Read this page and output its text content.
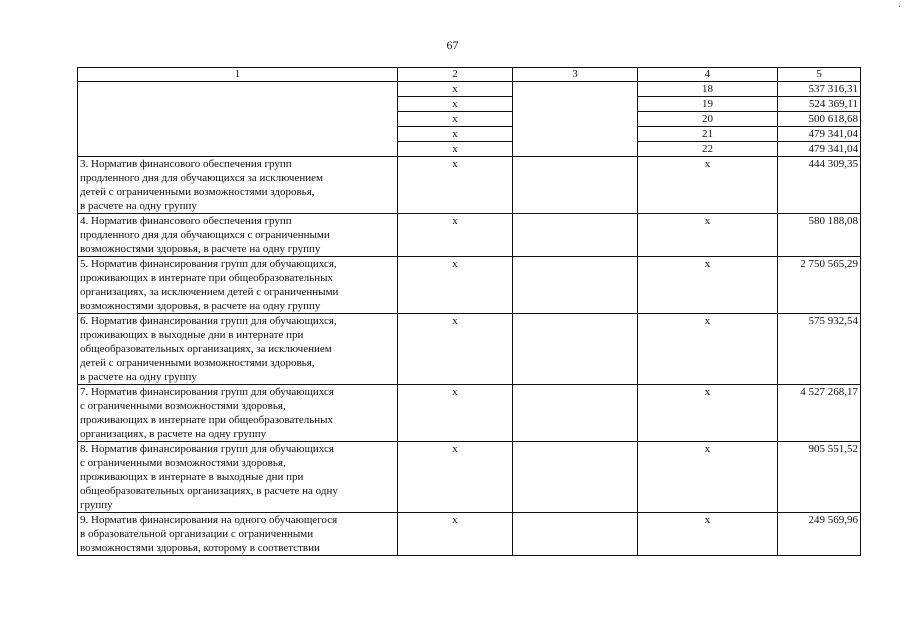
67
.
1	2	3	4	5
	x		18	537 316,31
	x		19	524 369,11
	x		20	500 618,68
	x		21	479 341,04
	x		22	479 341,04

3. Норматив финансового обеспечения групп
продленного дня для обучающихся за исключением
детей с ограниченными возможностями здоровья,
в расчете на одну группу	x		x	444 309,35

4. Норматив финансового обеспечения групп
продленного дня для обучающихся с ограниченными
возможностями здоровья, в расчете на одну группу	x		x	580 188,08

5. Норматив финансирования групп для обучающихся,
проживающих в интернате при общеобразовательных
организациях, за исключением детей с ограниченными
возможностями здоровья, в расчете на одну группу	x		x	2 750 565,29

6. Норматив финансирования групп для обучающихся,
проживающих в выходные дни в интернате при
общеобразовательных организациях, за исключением
детей с ограниченными возможностями здоровья,
в расчете на одну группу	x		x	575 932,54

7. Норматив финансирования групп для обучающихся
с ограниченными возможностями здоровья,
проживающих в интернате при общеобразовательных
организациях, в расчете на одну группу	x		x	4 527 268,17

8. Норматив финансирования групп для обучающихся
с ограниченными возможностями здоровья,
проживающих в интернате в выходные дни при
общеобразовательных организациях, в расчете на одну
группу	x		x	905 551,52

9. Норматив финансирования на одного обучающегося
в образовательной организации с ограниченными
возможностями здоровья, которому в соответствии	x		x	249 569,96
